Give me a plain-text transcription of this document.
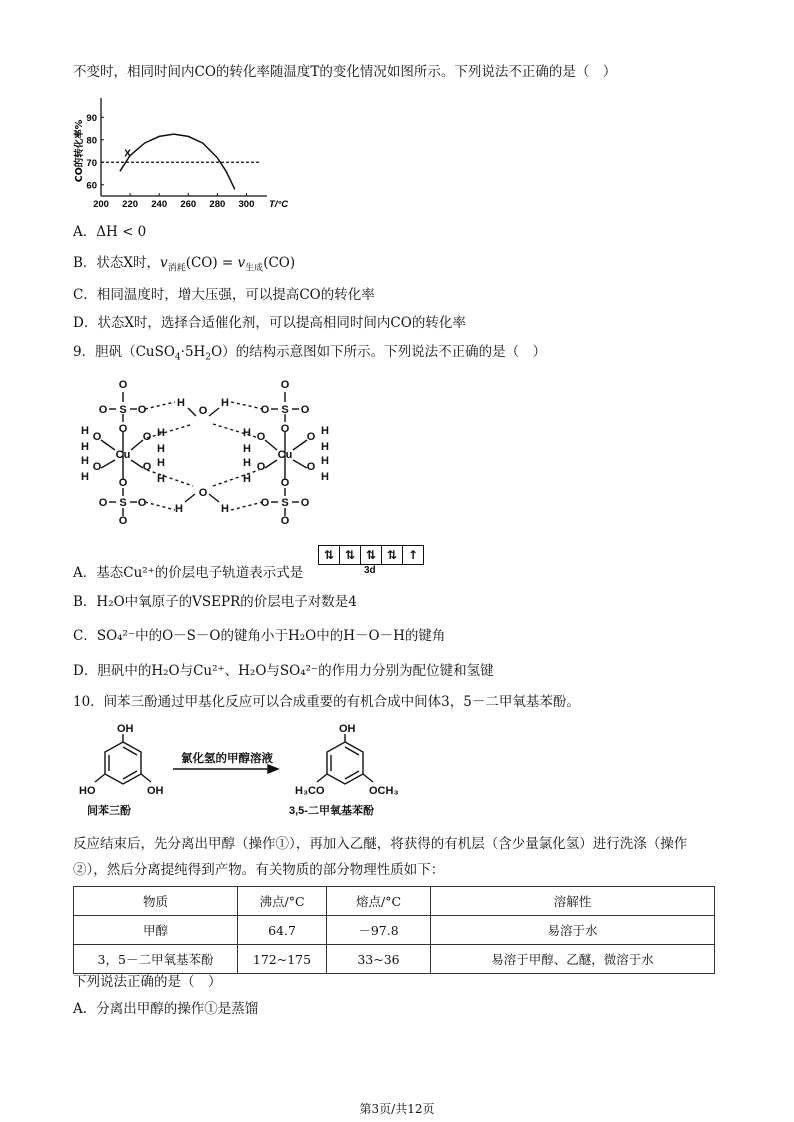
不变时，相同时间内CO的转化率随温度T的变化情况如图所示。下列说法不正确的是（　）
60
70
80
90
200 220 240 260 280 300 T/°C
CO的转化率%	X
A．ΔH < 0
B．状态X时，$v_{消耗}(CO) = v_{生成}(CO)$
C．相同温度时，增大压强，可以提高CO的转化率
D．状态X时，选择合适催化剂，可以提高相同时间内CO的转化率
9．胆矾$(CuSO_4\cdot 5H_2O)$的结构示意图如下所示。下列说法不正确的是（　）
Cu	Cu
O
S
O	O
O
O
S
O	O
O
O
S
O	O
O
O
S
O	O
O
H
O
H
H
O
H
H O
H
H O
H
O H
H
O H
H
O
H
H
O
H
H
O H
H
O H
H
⇅ ⇅ ⇅ ⇅ ↑
3d
A．基态Cu²⁺的价层电子轨道表示式是
B．H₂O中氧原子的VSEPR的价层电子对数是4
C．SO₄²⁻中的O－S－O的键角小于H₂O中的H－O－H的键角
D．胆矾中的H₂O与Cu²⁺、H₂O与SO₄²⁻的作用力分别为配位键和氢键
10．间苯三酚通过甲基化反应可以合成重要的有机合成中间体3，5－二甲氧基苯酚。
OH
HO	OH
OH
H₃CO	OCH₃
间苯三酚	3,5-二甲氧基苯酚
氯化氢的甲醇溶液
反应结束后，先分离出甲醇（操作①），再加入乙醚，将获得的有机层（含少量氯化氢）进行洗涤（操作
②），然后分离提纯得到产物。有关物质的部分物理性质如下：
物质	沸点/°C	熔点/°C	溶解性
甲醇	64.7	－97.8	易溶于水
3，5－二甲氧基苯酚	172~175	33~36	易溶于甲醇、乙醚，微溶于水
下列说法正确的是（　）
A．分离出甲醇的操作①是蒸馏
第3页/共12页
